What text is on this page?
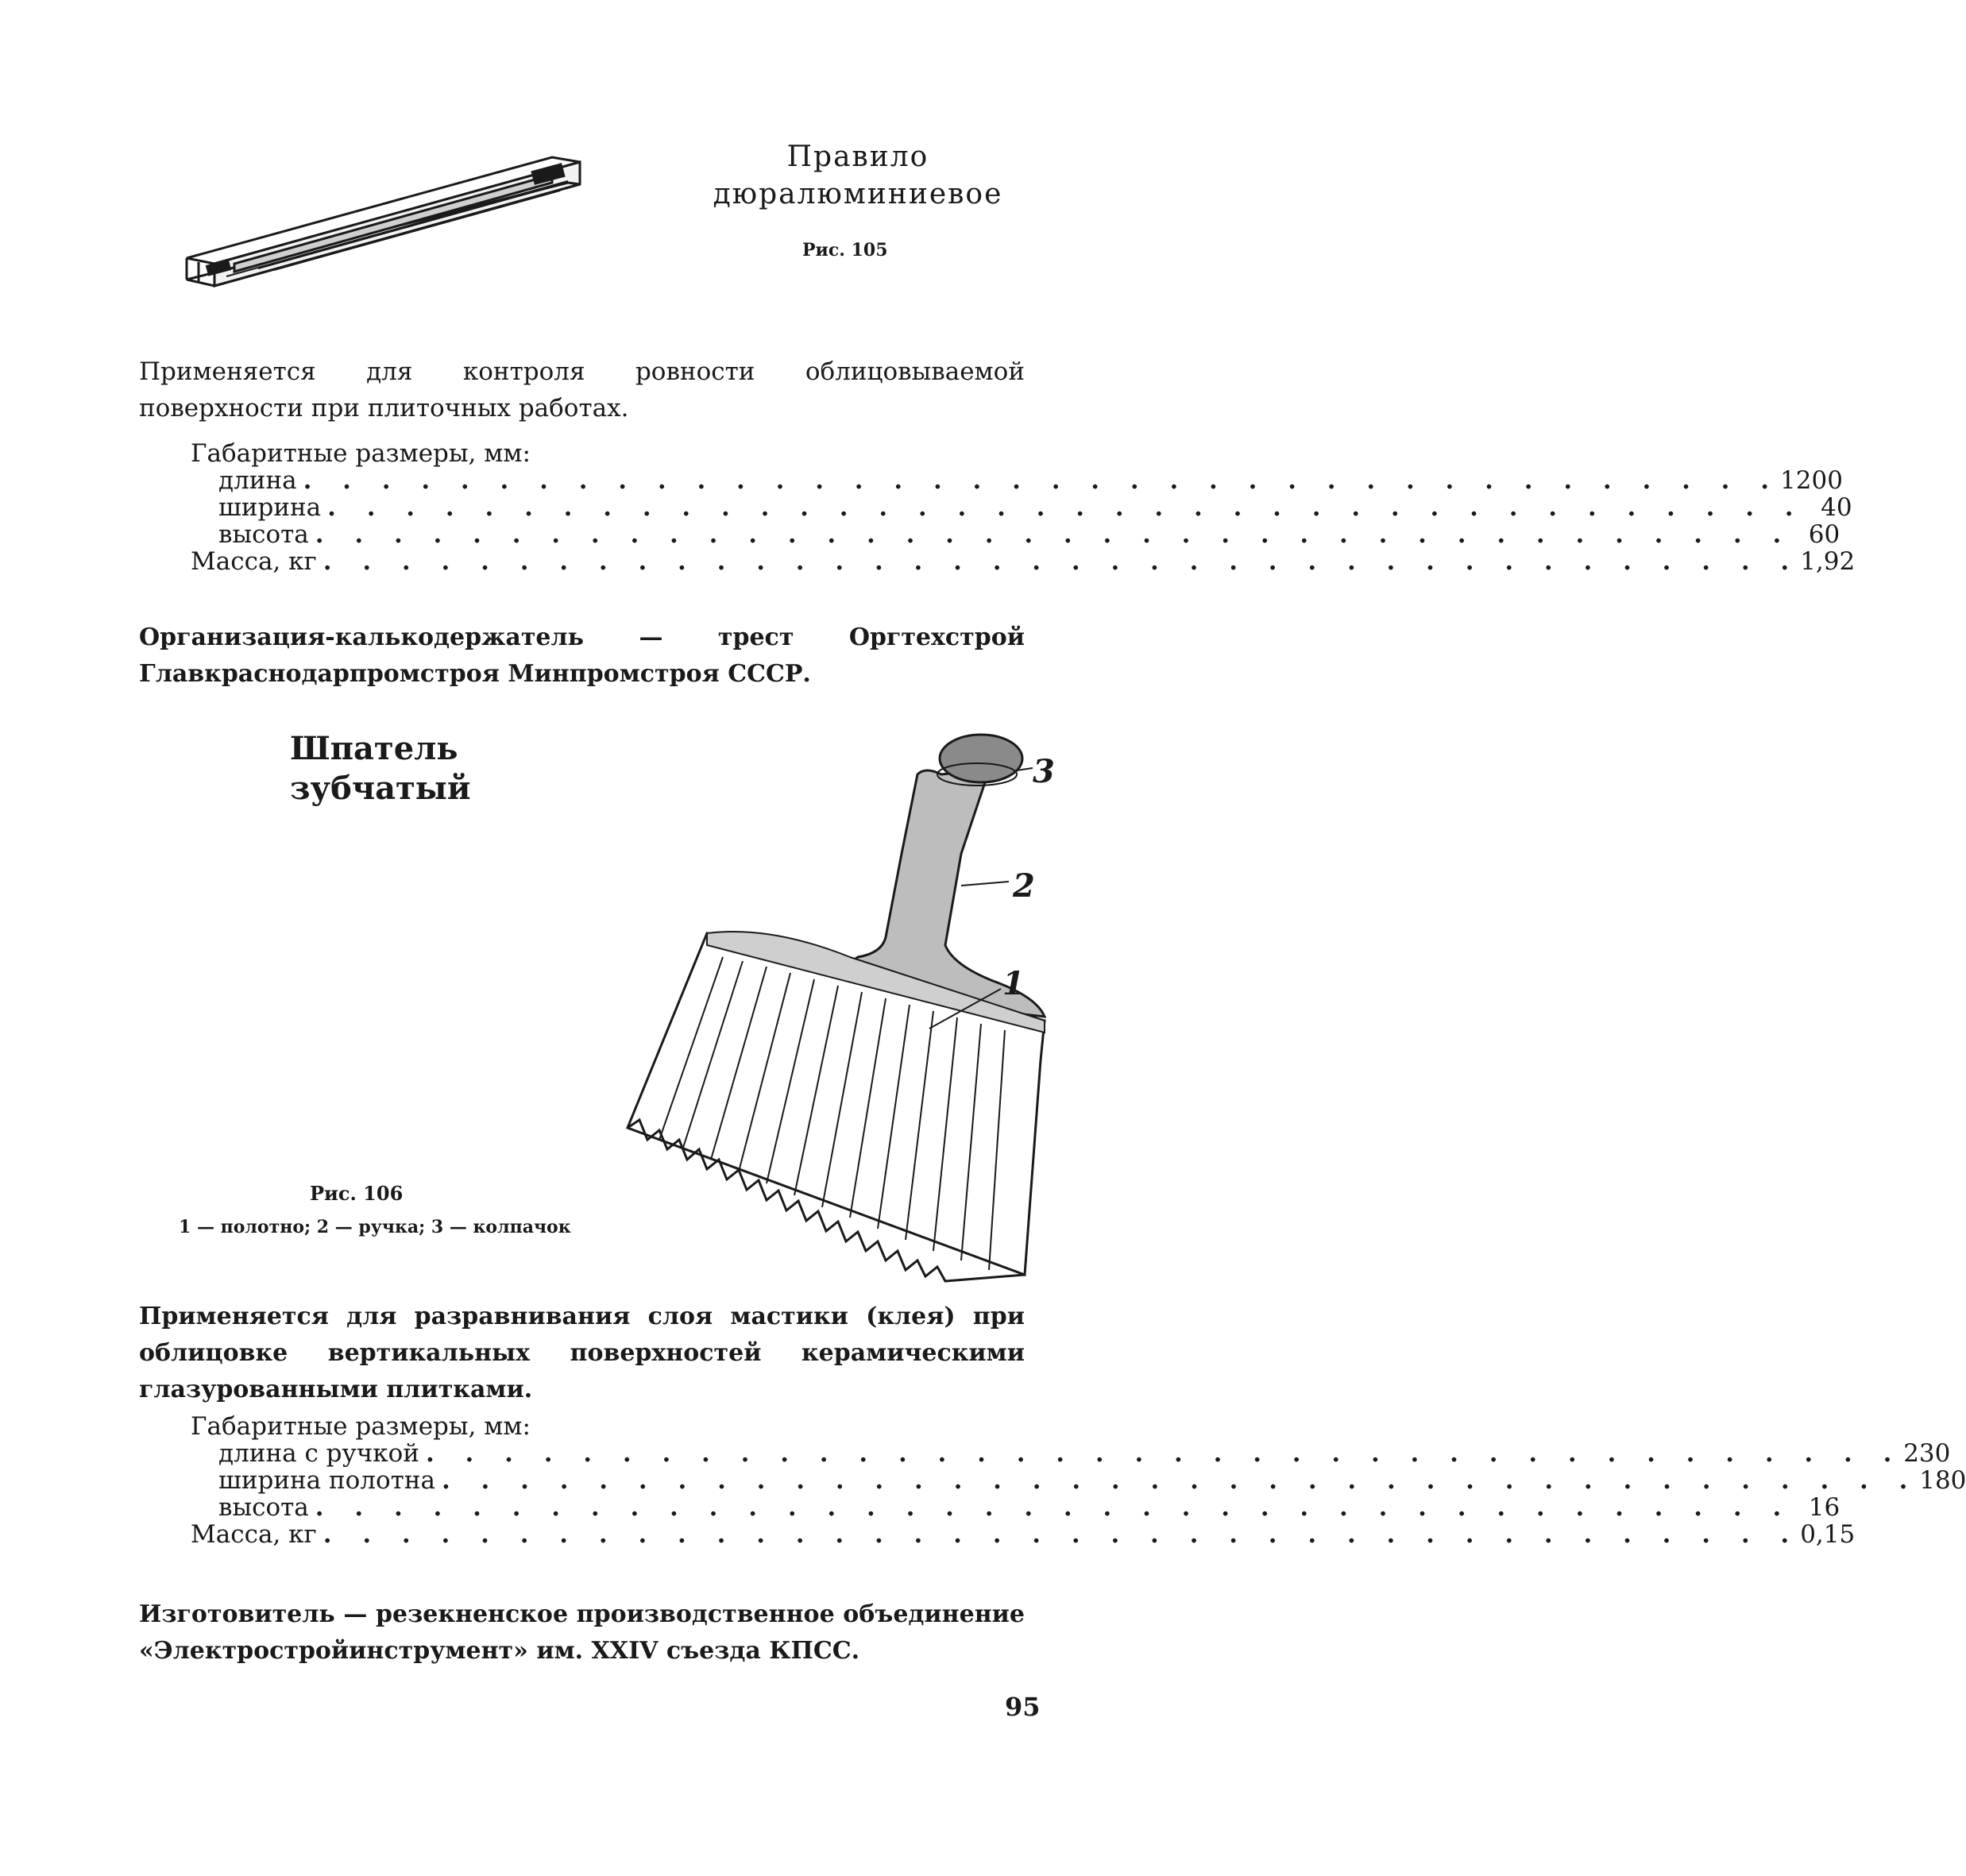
Правило
дюралюминиевое
Рис. 105
Применяется для контроля ровности облицовываемой поверхности при плиточных работах.
Габаритные размеры, мм:
длина . . . . . . . . . . . . . . . . . . . . . . . . . . . . . . . . . . . . . . 1200
ширина . . . . . . . . . . . . . . . . . . . . . . . . . . . . . . . . . . . . . . 40
высота . . . . . . . . . . . . . . . . . . . . . . . . . . . . . . . . . . . . . . 60
Масса, кг . . . . . . . . . . . . . . . . . . . . . . . . . . . . . . . . . . . . . . 1,92
Организация-калькодержатель — трест Оргтехстрой Главкраснодарпромстроя Минпромстроя СССР.
Шпатель
зубчатый	3
2
1
Рис. 106
1 — полотно; 2 — ручка; 3 — колпачок
Применяется для разравнивания слоя мастики (клея) при облицовке вертикальных поверхностей керамическими глазурованными плитками.
Габаритные размеры, мм:
длина с ручкой . . . . . . . . . . . . . . . . . . . . . . . . . . . . . . . . . . . . . . 230
ширина полотна . . . . . . . . . . . . . . . . . . . . . . . . . . . . . . . . . . . . . . 180
высота . . . . . . . . . . . . . . . . . . . . . . . . . . . . . . . . . . . . . . 16
Масса, кг . . . . . . . . . . . . . . . . . . . . . . . . . . . . . . . . . . . . . . 0,15
Изготовитель — резекненское производственное объединение «Электростройинструмент» им. XXIV съезда КПСС.
95
